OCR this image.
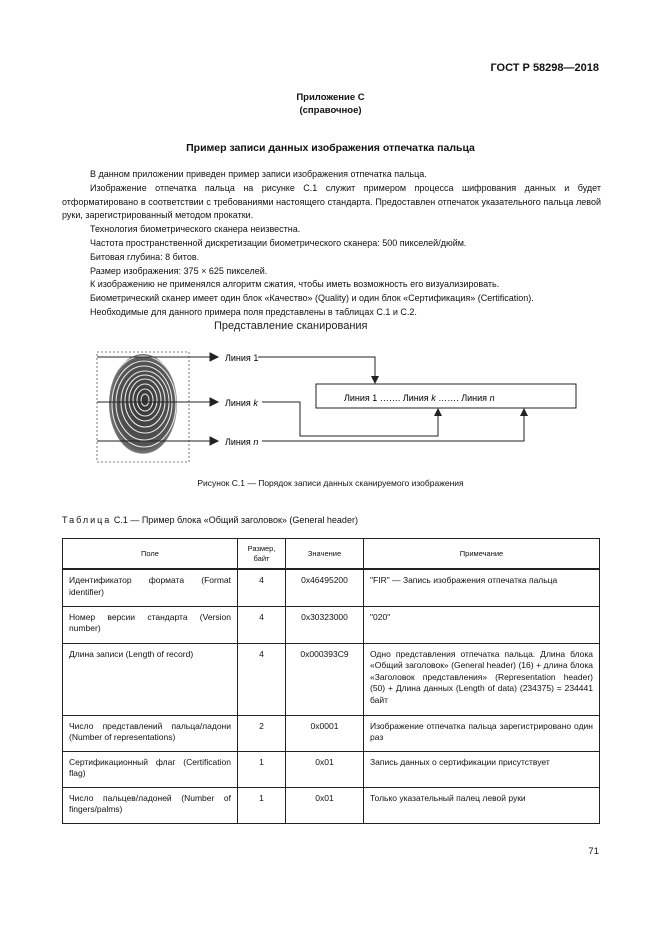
ГОСТ Р 58298—2018
Приложение С
(справочное)
Пример записи данных изображения отпечатка пальца

В данном приложении приведен пример записи изображения отпечатка пальца.

Изображение отпечатка пальца на рисунке С.1 служит примером процесса шифрования данных и будет отформатировано в соответствии с требованиями настоящего стандарта. Предоставлен отпечаток указательного пальца левой руки, зарегистрированный методом прокатки.

Технология биометрического сканера неизвестна.

Частота пространственной дискретизации биометрического сканера: 500 пикселей/дюйм.

Битовая глубина: 8 битов.

Размер изображения: 375 × 625 пикселей.

К изображению не применялся алгоритм сжатия, чтобы иметь возможность его визуализировать.

Биометрический сканер имеет один блок «Качество» (Quality) и один блок «Сертификация» (Certification).

Необходимые для данного примера поля представлены в таблицах С.1 и С.2.

Представление сканирования
Линия 1
Линия k
Линия n
Линия 1 ……. Линия k ……. Линия n
Рисунок С.1 — Порядок записи данных сканируемого изображения
Таблица С.1 — Пример блока «Общий заголовок» (General header)
Поле	Размер, байт	Значение	Примечание
Идентификатор формата (Format identifier)	4	0x46495200	"FIR" — Запись изображения отпечатка пальца
Номер версии стандарта (Version number)	4	0x30323000	"020"
Длина записи (Length of record)	4	0x000393C9	Одно представления отпечатка пальца. Длина блока «Общий заголовок» (General header) (16) + длина блока «Заголовок представления» (Representation header) (50) + Длина данных (Length of data) (234375) = 234441 байт
Число представлений пальца/ладони (Number of representations)	2	0x0001	Изображение отпечатка пальца зарегистрировано один раз
Сертификационный флаг (Certification flag)	1	0x01	Запись данных о сертификации присутствует
Число пальцев/ладоней (Number of fingers/palms)	1	0x01	Только указательный палец левой руки
71
